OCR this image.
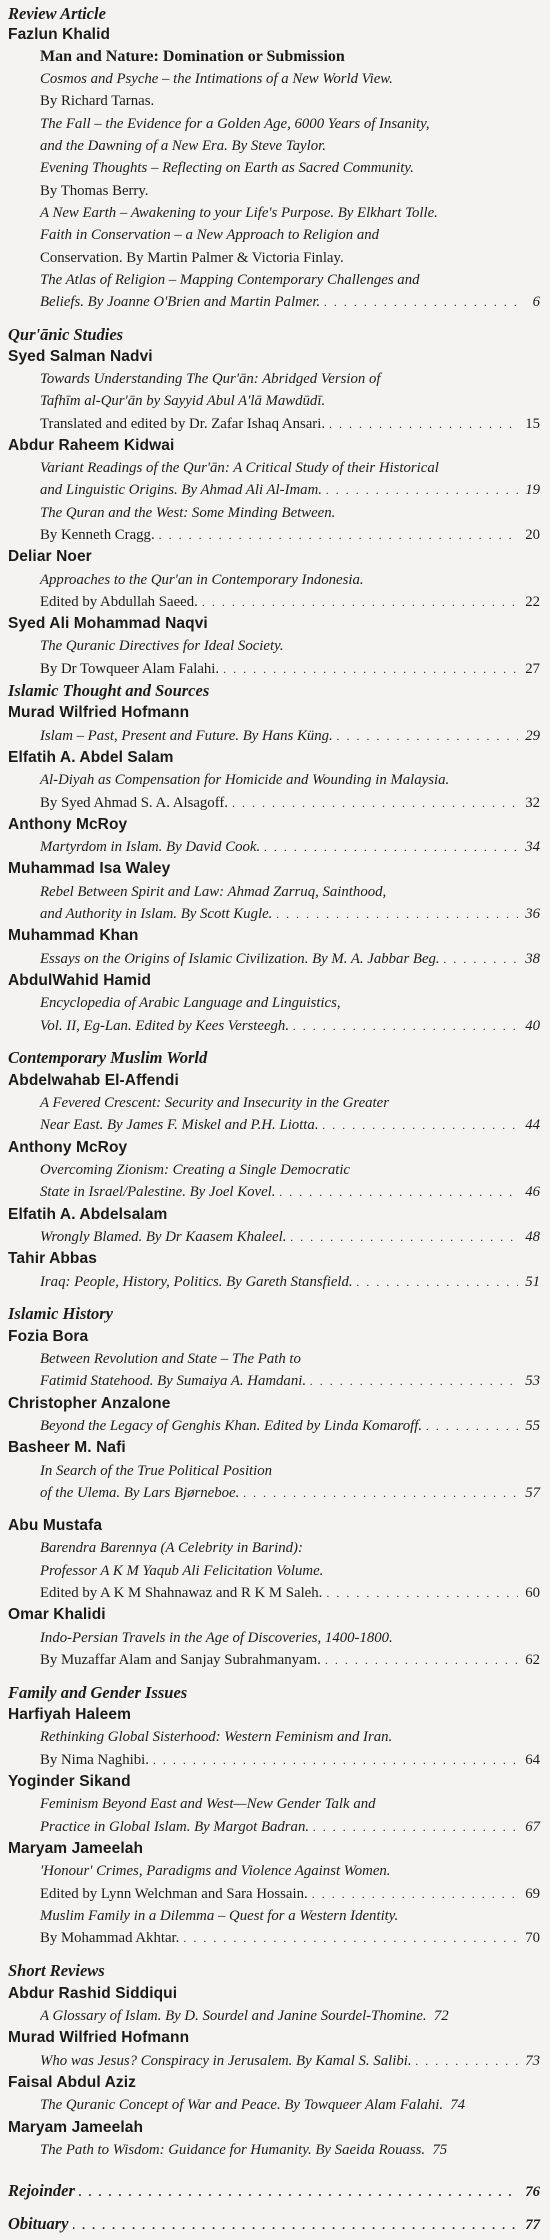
Review Article
Fazlun Khalid
Man and Nature: Domination or Submission
Cosmos and Psyche – the Intimations of a New World View.
By Richard Tarnas.
The Fall – the Evidence for a Golden Age, 6000 Years of Insanity,
and the Dawning of a New Era. By Steve Taylor.
Evening Thoughts – Reflecting on Earth as Sacred Community.
By Thomas Berry.
A New Earth – Awakening to your Life's Purpose. By Elkhart Tolle.
Faith in Conservation – a New Approach to Religion and
Conservation. By Martin Palmer & Victoria Finlay.
The Atlas of Religion – Mapping Contemporary Challenges and
Beliefs. By Joanne O'Brien and Martin Palmer. . . .	6
Qur'ānic Studies
Syed Salman Nadvi
Towards Understanding The Qur'ān: Abridged Version of
Tafhīm al-Qur'ān by Sayyid Abul A'lā Mawdūdī.
Translated and edited by Dr. Zafar Ishaq Ansari. . . .	15
Abdur Raheem Kidwai
Variant Readings of the Qur'ān: A Critical Study of their Historical
and Linguistic Origins. By Ahmad Ali Al-Imam. . . .	19
The Quran and the West: Some Minding Between.
By Kenneth Cragg. . . .	20
Deliar Noer
Approaches to the Qur'an in Contemporary Indonesia.
Edited by Abdullah Saeed. . . .	22
Syed Ali Mohammad Naqvi
The Quranic Directives for Ideal Society.
By Dr Towqueer Alam Falahi. . . .	27
Islamic Thought and Sources
Murad Wilfried Hofmann
Islam – Past, Present and Future. By Hans Küng. . . .	29
Elfatih A. Abdel Salam
Al-Diyah as Compensation for Homicide and Wounding in Malaysia.
By Syed Ahmad S. A. Alsagoff. . . .	32
Anthony McRoy
Martyrdom in Islam. By David Cook. . . .	34
Muhammad Isa Waley
Rebel Between Spirit and Law: Ahmad Zarruq, Sainthood,
and Authority in Islam. By Scott Kugle. . . .	36
Muhammad Khan
Essays on the Origins of Islamic Civilization. By M. A. Jabbar Beg. . . .	38
AbdulWahid Hamid
Encyclopedia of Arabic Language and Linguistics,
Vol. II, Eg-Lan. Edited by Kees Versteegh. . . .	40
Contemporary Muslim World
Abdelwahab El-Affendi
A Fevered Crescent: Security and Insecurity in the Greater
Near East. By James F. Miskel and P.H. Liotta. . . .	44
Anthony McRoy
Overcoming Zionism: Creating a Single Democratic
State in Israel/Palestine. By Joel Kovel. . . .	46
Elfatih A. Abdelsalam
Wrongly Blamed. By Dr Kaasem Khaleel. . . .	48
Tahir Abbas
Iraq: People, History, Politics. By Gareth Stansfield. . . .	51
Islamic History
Fozia Bora
Between Revolution and State – The Path to
Fatimid Statehood. By Sumaiya A. Hamdani. . . .	53
Christopher Anzalone
Beyond the Legacy of Genghis Khan. Edited by Linda Komaroff. . . .	55
Basheer M. Nafi
In Search of the True Political Position
of the Ulema. By Lars Bjørneboe. . . .	57
Abu Mustafa
Barendra Barennya (A Celebrity in Barind):
Professor A K M Yaqub Ali Felicitation Volume.
Edited by A K M Shahnawaz and R K M Saleh. . . .	60
Omar Khalidi
Indo-Persian Travels in the Age of Discoveries, 1400-1800.
By Muzaffar Alam and Sanjay Subrahmanyam. . . .	62
Family and Gender Issues
Harfiyah Haleem
Rethinking Global Sisterhood: Western Feminism and Iran.
By Nima Naghibi. . . .	64
Yoginder Sikand
Feminism Beyond East and West—New Gender Talk and
Practice in Global Islam. By Margot Badran. . . .	67
Maryam Jameelah
'Honour' Crimes, Paradigms and Violence Against Women.
Edited by Lynn Welchman and Sara Hossain. . . .	69
Muslim Family in a Dilemma – Quest for a Western Identity.
By Mohammad Akhtar. . . .	70
Short Reviews
Abdur Rashid Siddiqui
A Glossary of Islam. By D. Sourdel and Janine Sourdel-Thomine. 72
Murad Wilfried Hofmann
Who was Jesus? Conspiracy in Jerusalem. By Kamal S. Salibi. . . .	73
Faisal Abdul Aziz
The Quranic Concept of War and Peace. By Towqueer Alam Falahi. 74
Maryam Jameelah
The Path to Wisdom: Guidance for Humanity. By Saeida Rouass. 75
Rejoinder . . .	76
Obituary . . .	77
